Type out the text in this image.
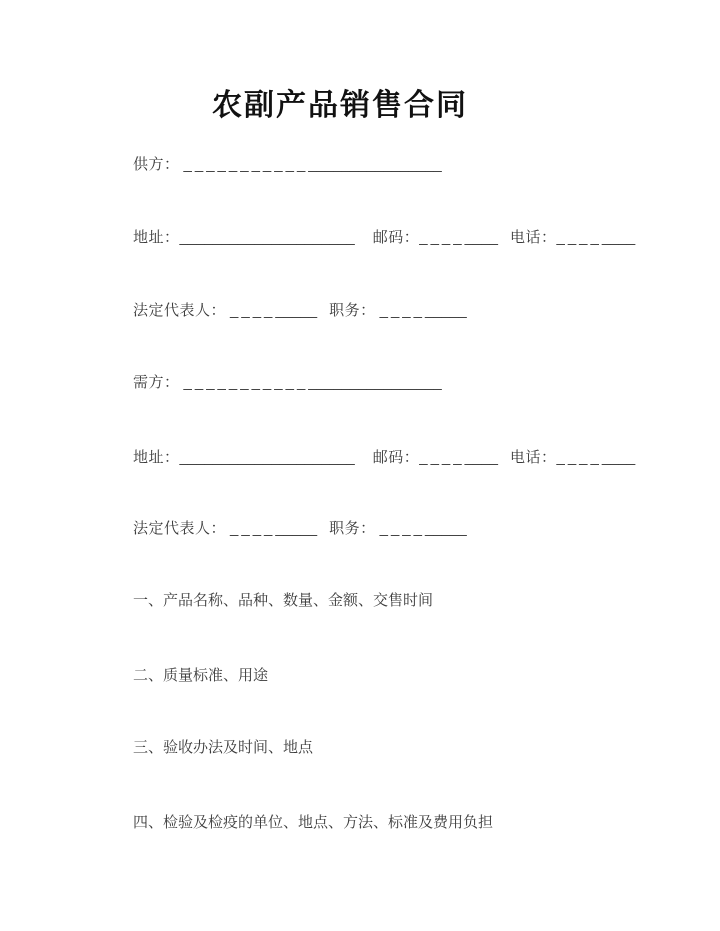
农副产品销售合同
供方： ___________________________
地址：_____________________ 邮码：________ 电话：________
法定代表人： _________ 职务： _________
需方： ___________________________
地址：_____________________ 邮码：________ 电话：________
法定代表人： _________ 职务： _________
一、产品名称、品种、数量、金额、交售时间
二、质量标准、用途
三、验收办法及时间、地点
四、检验及检疫的单位、地点、方法、标准及费用负担
